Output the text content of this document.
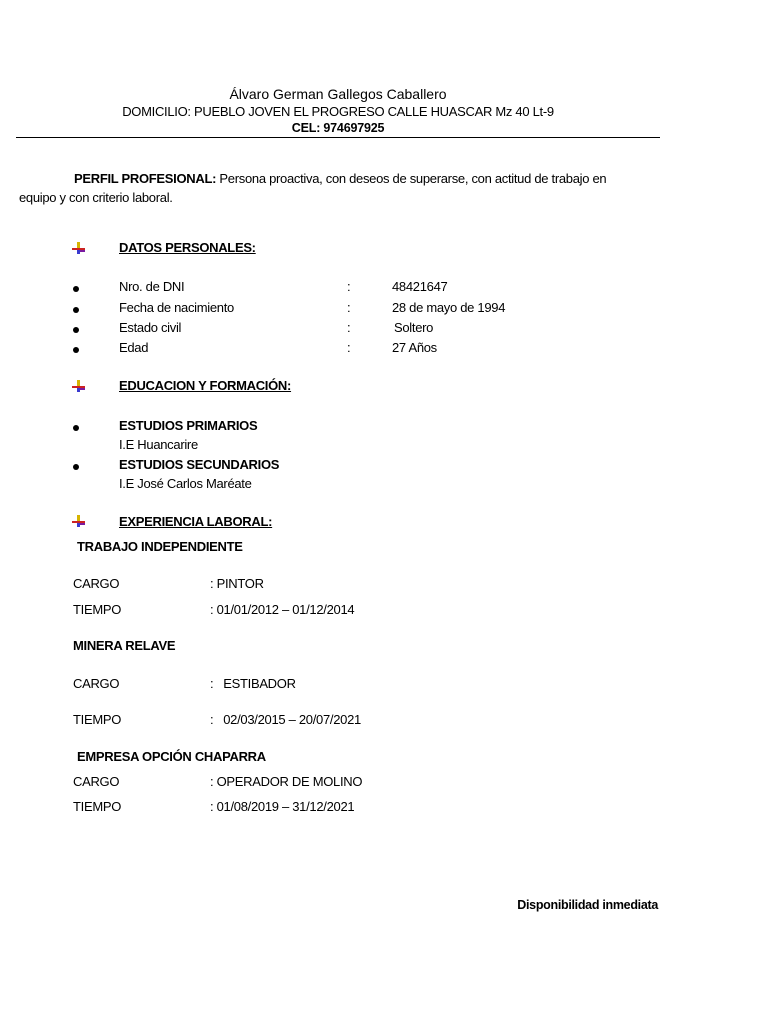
Álvaro German Gallegos Caballero
DOMICILIO: PUEBLO JOVEN EL PROGRESO CALLE HUASCAR Mz 40 Lt-9
CEL: 974697925
PERFIL PROFESIONAL: Persona proactiva, con deseos de superarse, con actitud de trabajo en
equipo y con criterio laboral.
DATOS PERSONALES:
Nro. de DNI	:	48421647
Fecha de nacimiento	:	28 de mayo de 1994
Estado civil	:	Soltero
Edad	:	27 Años
EDUCACION Y FORMACIÓN:
ESTUDIOS PRIMARIOS
I.E Huancarire
ESTUDIOS SECUNDARIOS
I.E José Carlos Maréate
EXPERIENCIA LABORAL:
TRABAJO INDEPENDIENTE
CARGO	: PINTOR
TIEMPO	: 01/01/2012 – 01/12/2014
MINERA RELAVE
CARGO	:   ESTIBADOR
TIEMPO	:   02/03/2015 – 20/07/2021
EMPRESA OPCIÓN CHAPARRA
CARGO	: OPERADOR DE MOLINO
TIEMPO	: 01/08/2019 – 31/12/2021
Disponibilidad inmediata
